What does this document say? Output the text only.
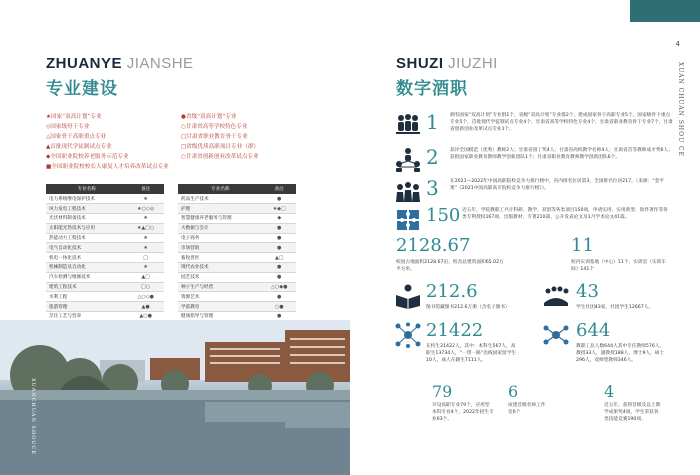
ZHUANYE JIANSHE
专业建设
★国家“双高计划”专业
◇国家级骨干专业
△国家骨干高职重点专业
▲首批现代学徒制试点专业
◆全国职业院校养老服务示范专业
■全国职业院校校长人康复人才培养改革试点专业
●省级“双高计划”专业
○甘肃省高等学校特色专业
□甘肃省职业教育骨干专业
□省级优质高职项目专业（群）
○甘肃省创新创业改革试点专业
专业名称	备注
电力系统继电保护技术	★
风力发电工程技术	★○◇◎
光伏材料制备技术	★
太阳能光热技术与应用	★▲□○
热能动力工程技术	★
电气自动化技术	★
机电一体化技术	□
机械制造及自动化	★
汽车检测与维修技术	▲□
建筑工程技术	□○
水利工程	△○◇●
旅游管理	▲●
烹饪工艺与营养	▲○●

专业名称	备注
药品生产技术	●
护理	★◆□
智慧健康养老服务与管理	◆
大数据与会计	●
电子商务	●
市场营销	●
畜牧兽医	▲□
现代农业技术	●
园艺技术	●
种子生产与经营	△○◆●
资源艺术	●
学前教育	○●
健康指导与管理	●
XUANCHUAN SHOUCE
4
XUAN CHUAN SHOU CE
SHUZI JIUZHI
数字酒职
1	拥有国家“双高计划”专业群1个，省级“双高计划”专业群2个，建成国家骨干高职专业5个，国家级骨干重点专业5个，首批现代学徒制试点专业4个，甘肃省高等学校特色专业4个，甘肃省职业教育骨干专业7个，甘肃省创新创业改革试点专业1个。
2	获评全国模范（优秀）教师2人；甘肃省园丁奖4人；甘肃省高校教学名师4人；甘肃省首等教师成才奖6人；获批国家职业教育教师教学创新团队1个；甘肃省职业教育教师教学创新团队6个。
3	在2021—2022年中国高职院校竞争力排行榜中，省内排名位居第3，全国排名位居217。（来源：“金平果”《2021中国高职高专院校竞争力排行榜》）。
150 近五年，学院教职工共计科研、教学、双创等各类项目150项，申请实用、实用新型、软件著作等各类专利授权167项，出版教材、专著210部，公开发表论文及1月学术论文41篇。
2128.67
校园占地面积2128.67亩，校舍总建筑面积65.02万平方米。
11
校内实训基地（中心）11个，实训室（实训车间）141个
212.6
图书馆藏图书212.6万册（含电子图书）
43
学生社团43家，社团学生12667人。
21422
在校生21422人，其中：本科生567人，高职生13734人，“一带一路”沿线国家留学生10人，成人在籍生7111人。
644
教职工总人数644人其中专任教师576人，教授33人，副教授188人，博士9人，硕士296人，双师型教师346人。
79
开设高职专业79个，应用型本科专业4个，2022年招生专业63个。
6
成建首级名师工作室6个
4
近五年，获得首级及以上教学成果奖4项，学生荣获各类技能竞赛190项。
